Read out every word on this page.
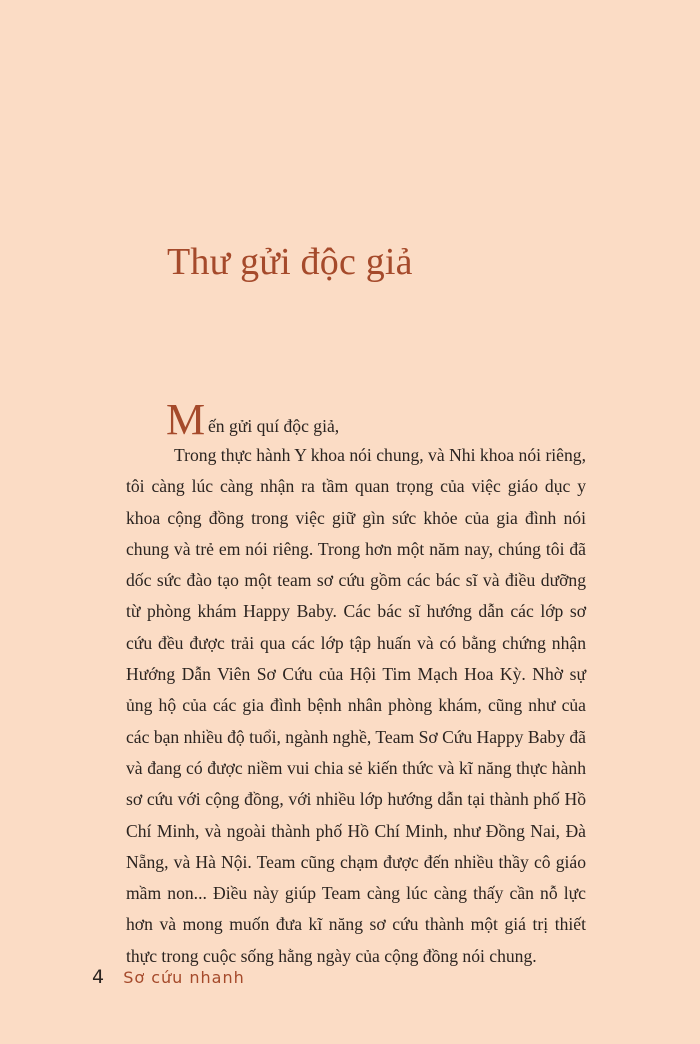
Thư gửi độc giả

M ến gửi quí độc giả,

Trong thực hành Y khoa nói chung, và Nhi khoa nói riêng, tôi càng lúc càng nhận ra tầm quan trọng của việc giáo dục y khoa cộng đồng trong việc giữ gìn sức khỏe của gia đình nói chung và trẻ em nói riêng. Trong hơn một năm nay, chúng tôi đã dốc sức đào tạo một team sơ cứu gồm các bác sĩ và điều dưỡng từ phòng khám Happy Baby. Các bác sĩ hướng dẫn các lớp sơ cứu đều được trải qua các lớp tập huấn và có bằng chứng nhận Hướng Dẫn Viên Sơ Cứu của Hội Tim Mạch Hoa Kỳ. Nhờ sự ủng hộ của các gia đình bệnh nhân phòng khám, cũng như của các bạn nhiều độ tuổi, ngành nghề, Team Sơ Cứu Happy Baby đã và đang có được niềm vui chia sẻ kiến thức và kĩ năng thực hành sơ cứu với cộng đồng, với nhiều lớp hướng dẫn tại thành phố Hồ Chí Minh, và ngoài thành phố Hồ Chí Minh, như Đồng Nai, Đà Nẵng, và Hà Nội. Team cũng chạm được đến nhiều thầy cô giáo mầm non... Điều này giúp Team càng lúc càng thấy cần nỗ lực hơn và mong muốn đưa kĩ năng sơ cứu thành một giá trị thiết thực trong cuộc sống hằng ngày của cộng đồng nói chung.

4 Sơ cứu nhanh
